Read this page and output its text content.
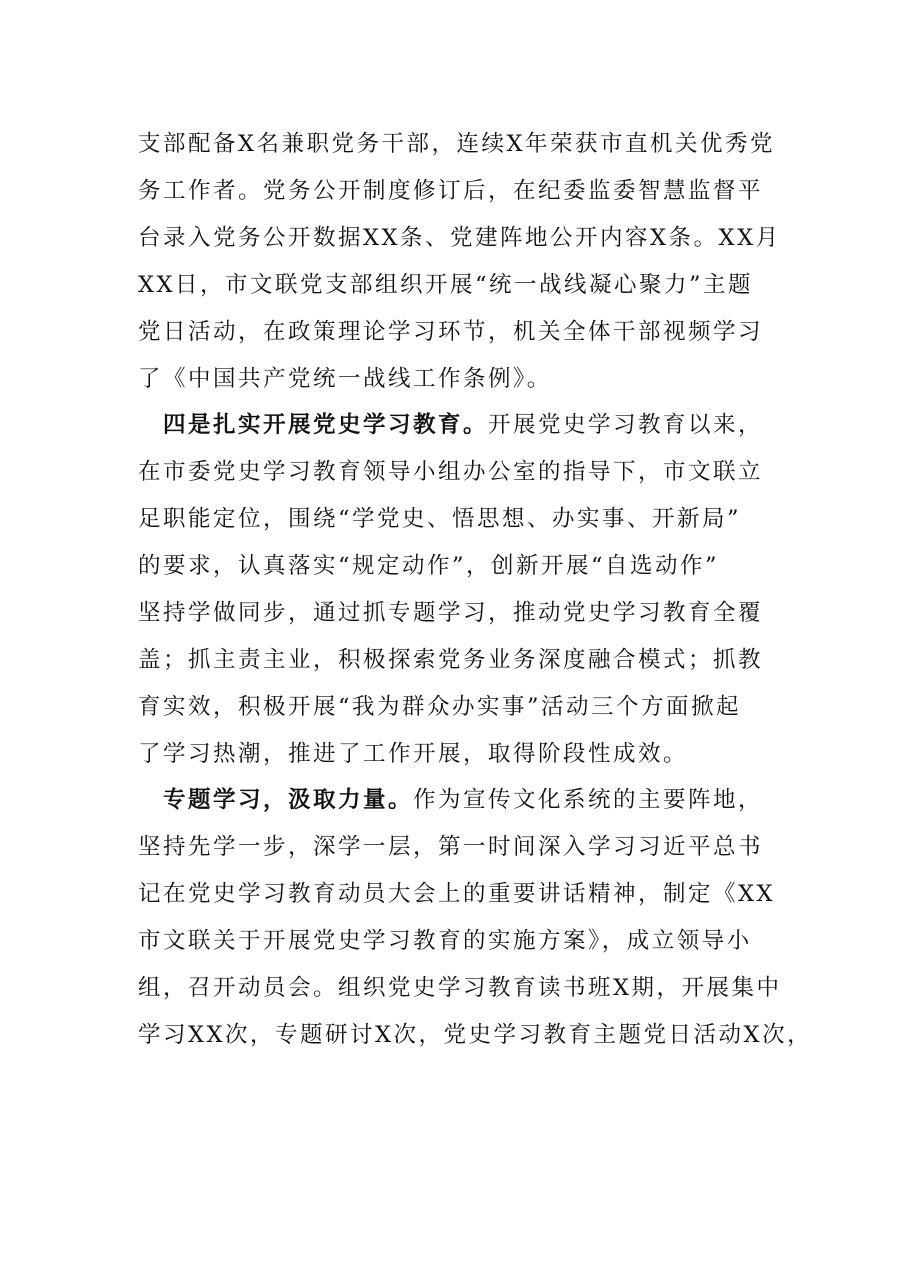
支部配备X名兼职党务干部，连续X年荣获市直机关优秀党
务工作者。党务公开制度修订后，在纪委监委智慧监督平
台录入党务公开数据XX条、党建阵地公开内容X条。XX月
XX日，市文联党支部组织开展“统一战线凝心聚力”主题
党日活动，在政策理论学习环节，机关全体干部视频学习
了《中国共产党统一战线工作条例》。
　四是扎实开展党史学习教育。开展党史学习教育以来，
在市委党史学习教育领导小组办公室的指导下，市文联立
足职能定位，围绕“学党史、悟思想、办实事、开新局”
的要求，认真落实“规定动作”，创新开展“自选动作”
坚持学做同步，通过抓专题学习，推动党史学习教育全覆
盖；抓主责主业，积极探索党务业务深度融合模式；抓教
育实效，积极开展“我为群众办实事”活动三个方面掀起
了学习热潮，推进了工作开展，取得阶段性成效。
　专题学习，汲取力量。作为宣传文化系统的主要阵地，
坚持先学一步，深学一层，第一时间深入学习习近平总书
记在党史学习教育动员大会上的重要讲话精神，制定《XX
市文联关于开展党史学习教育的实施方案》，成立领导小
组，召开动员会。组织党史学习教育读书班X期，开展集中
学习XX次，专题研讨X次，党史学习教育主题党日活动X次，
